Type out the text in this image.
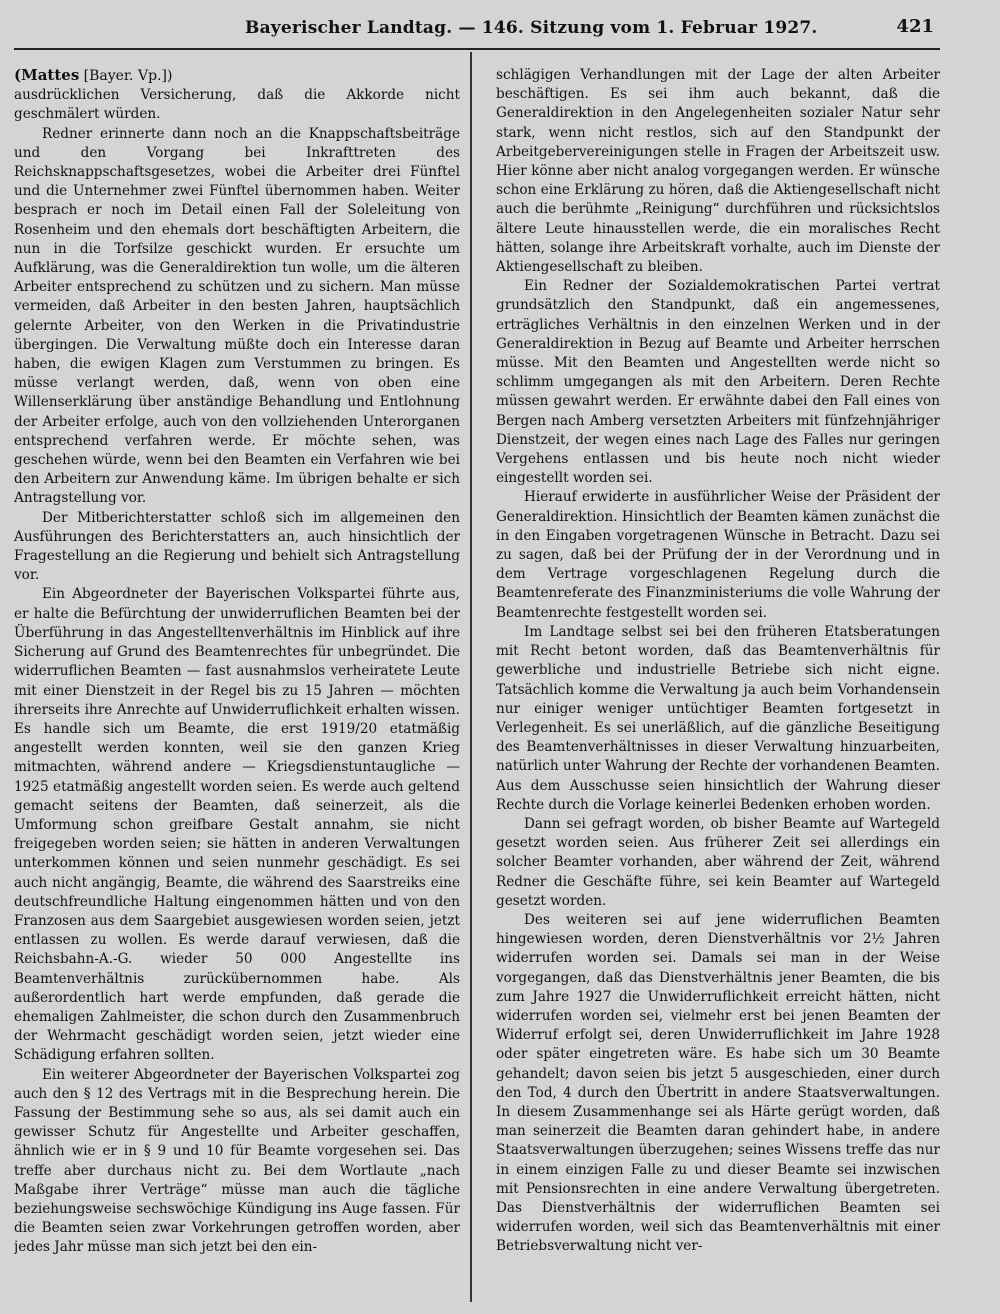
Bayerischer Landtag. — 146. Sitzung vom 1. Februar 1927.	421

(Mattes [Bayer. Vp.])

ausdrücklichen Versicherung, daß die Akkorde nicht geschmälert würden.

Redner erinnerte dann noch an die Knappschaftsbeiträge und den Vorgang bei Inkrafttreten des Reichsknappschaftsgesetzes, wobei die Arbeiter drei Fünftel und die Unternehmer zwei Fünftel übernommen haben. Weiter besprach er noch im Detail einen Fall der Soleleitung von Rosenheim und den ehemals dort beschäftigten Arbeitern, die nun in die Torfsilze geschickt wurden. Er ersuchte um Aufklärung, was die Generaldirektion tun wolle, um die älteren Arbeiter entsprechend zu schützen und zu sichern. Man müsse vermeiden, daß Arbeiter in den besten Jahren, hauptsächlich gelernte Arbeiter, von den Werken in die Privatindustrie übergingen. Die Verwaltung müßte doch ein Interesse daran haben, die ewigen Klagen zum Verstummen zu bringen. Es müsse verlangt werden, daß, wenn von oben eine Willenserklärung über anständige Behandlung und Entlohnung der Arbeiter erfolge, auch von den vollziehenden Unterorganen entsprechend verfahren werde. Er möchte sehen, was geschehen würde, wenn bei den Beamten ein Verfahren wie bei den Arbeitern zur Anwendung käme. Im übrigen behalte er sich Antragstellung vor.

Der Mitberichterstatter schloß sich im allgemeinen den Ausführungen des Berichterstatters an, auch hinsichtlich der Fragestellung an die Regierung und behielt sich Antragstellung vor.

Ein Abgeordneter der Bayerischen Volkspartei führte aus, er halte die Befürchtung der unwiderruflichen Beamten bei der Überführung in das Angestelltenverhältnis im Hinblick auf ihre Sicherung auf Grund des Beamtenrechtes für unbegründet. Die widerruflichen Beamten — fast ausnahmslos verheiratete Leute mit einer Dienstzeit in der Regel bis zu 15 Jahren — möchten ihrerseits ihre Anrechte auf Unwiderruflichkeit erhalten wissen. Es handle sich um Beamte, die erst 1919/20 etatmäßig angestellt werden konnten, weil sie den ganzen Krieg mitmachten, während andere — Kriegsdienstuntaugliche — 1925 etatmäßig angestellt worden seien. Es werde auch geltend gemacht seitens der Beamten, daß seinerzeit, als die Umformung schon greifbare Gestalt annahm, sie nicht freigegeben worden seien; sie hätten in anderen Verwaltungen unterkommen können und seien nunmehr geschädigt. Es sei auch nicht angängig, Beamte, die während des Saarstreiks eine deutschfreundliche Haltung eingenommen hätten und von den Franzosen aus dem Saargebiet ausgewiesen worden seien, jetzt entlassen zu wollen. Es werde darauf verwiesen, daß die Reichsbahn-A.-G. wieder 50 000 Angestellte ins Beamtenverhältnis zurückübernommen habe. Als außerordentlich hart werde empfunden, daß gerade die ehemaligen Zahlmeister, die schon durch den Zusammenbruch der Wehrmacht geschädigt worden seien, jetzt wieder eine Schädigung erfahren sollten.

Ein weiterer Abgeordneter der Bayerischen Volkspartei zog auch den § 12 des Vertrags mit in die Besprechung herein. Die Fassung der Bestimmung sehe so aus, als sei damit auch ein gewisser Schutz für Angestellte und Arbeiter geschaffen, ähnlich wie er in § 9 und 10 für Beamte vorgesehen sei. Das treffe aber durchaus nicht zu. Bei dem Wortlaute „nach Maßgabe ihrer Verträge“ müsse man auch die tägliche beziehungsweise sechswöchige Kündigung ins Auge fassen. Für die Beamten seien zwar Vorkehrungen getroffen worden, aber jedes Jahr müsse man sich jetzt bei den ein-

schlägigen Verhandlungen mit der Lage der alten Arbeiter beschäftigen. Es sei ihm auch bekannt, daß die Generaldirektion in den Angelegenheiten sozialer Natur sehr stark, wenn nicht restlos, sich auf den Standpunkt der Arbeitgebervereinigungen stelle in Fragen der Arbeitszeit usw. Hier könne aber nicht analog vorgegangen werden. Er wünsche schon eine Erklärung zu hören, daß die Aktiengesellschaft nicht auch die berühmte „Reinigung“ durchführen und rücksichtslos ältere Leute hinausstellen werde, die ein moralisches Recht hätten, solange ihre Arbeitskraft vorhalte, auch im Dienste der Aktiengesellschaft zu bleiben.

Ein Redner der Sozialdemokratischen Partei vertrat grundsätzlich den Standpunkt, daß ein angemessenes, erträgliches Verhältnis in den einzelnen Werken und in der Generaldirektion in Bezug auf Beamte und Arbeiter herrschen müsse. Mit den Beamten und Angestellten werde nicht so schlimm umgegangen als mit den Arbeitern. Deren Rechte müssen gewahrt werden. Er erwähnte dabei den Fall eines von Bergen nach Amberg versetzten Arbeiters mit fünfzehnjähriger Dienstzeit, der wegen eines nach Lage des Falles nur geringen Vergehens entlassen und bis heute noch nicht wieder eingestellt worden sei.

Hierauf erwiderte in ausführlicher Weise der Präsident der Generaldirektion. Hinsichtlich der Beamten kämen zunächst die in den Eingaben vorgetragenen Wünsche in Betracht. Dazu sei zu sagen, daß bei der Prüfung der in der Verordnung und in dem Vertrage vorgeschlagenen Regelung durch die Beamtenreferate des Finanzministeriums die volle Wahrung der Beamtenrechte festgestellt worden sei.

Im Landtage selbst sei bei den früheren Etatsberatungen mit Recht betont worden, daß das Beamtenverhältnis für gewerbliche und industrielle Betriebe sich nicht eigne. Tatsächlich komme die Verwaltung ja auch beim Vorhandensein nur einiger weniger untüchtiger Beamten fortgesetzt in Verlegenheit. Es sei unerläßlich, auf die gänzliche Beseitigung des Beamtenverhältnisses in dieser Verwaltung hinzuarbeiten, natürlich unter Wahrung der Rechte der vorhandenen Beamten. Aus dem Ausschusse seien hinsichtlich der Wahrung dieser Rechte durch die Vorlage keinerlei Bedenken erhoben worden.

Dann sei gefragt worden, ob bisher Beamte auf Wartegeld gesetzt worden seien. Aus früherer Zeit sei allerdings ein solcher Beamter vorhanden, aber während der Zeit, während Redner die Geschäfte führe, sei kein Beamter auf Wartegeld gesetzt worden.

Des weiteren sei auf jene widerruflichen Beamten hingewiesen worden, deren Dienstverhältnis vor 2½ Jahren widerrufen worden sei. Damals sei man in der Weise vorgegangen, daß das Dienstverhältnis jener Beamten, die bis zum Jahre 1927 die Unwiderruflichkeit erreicht hätten, nicht widerrufen worden sei, vielmehr erst bei jenen Beamten der Widerruf erfolgt sei, deren Unwiderruflichkeit im Jahre 1928 oder später eingetreten wäre. Es habe sich um 30 Beamte gehandelt; davon seien bis jetzt 5 ausgeschieden, einer durch den Tod, 4 durch den Übertritt in andere Staatsverwaltungen. In diesem Zusammenhange sei als Härte gerügt worden, daß man seinerzeit die Beamten daran gehindert habe, in andere Staatsverwaltungen überzugehen; seines Wissens treffe das nur in einem einzigen Falle zu und dieser Beamte sei inzwischen mit Pensionsrechten in eine andere Verwaltung übergetreten. Das Dienstverhältnis der widerruflichen Beamten sei widerrufen worden, weil sich das Beamtenverhältnis mit einer Betriebsverwaltung nicht ver-
